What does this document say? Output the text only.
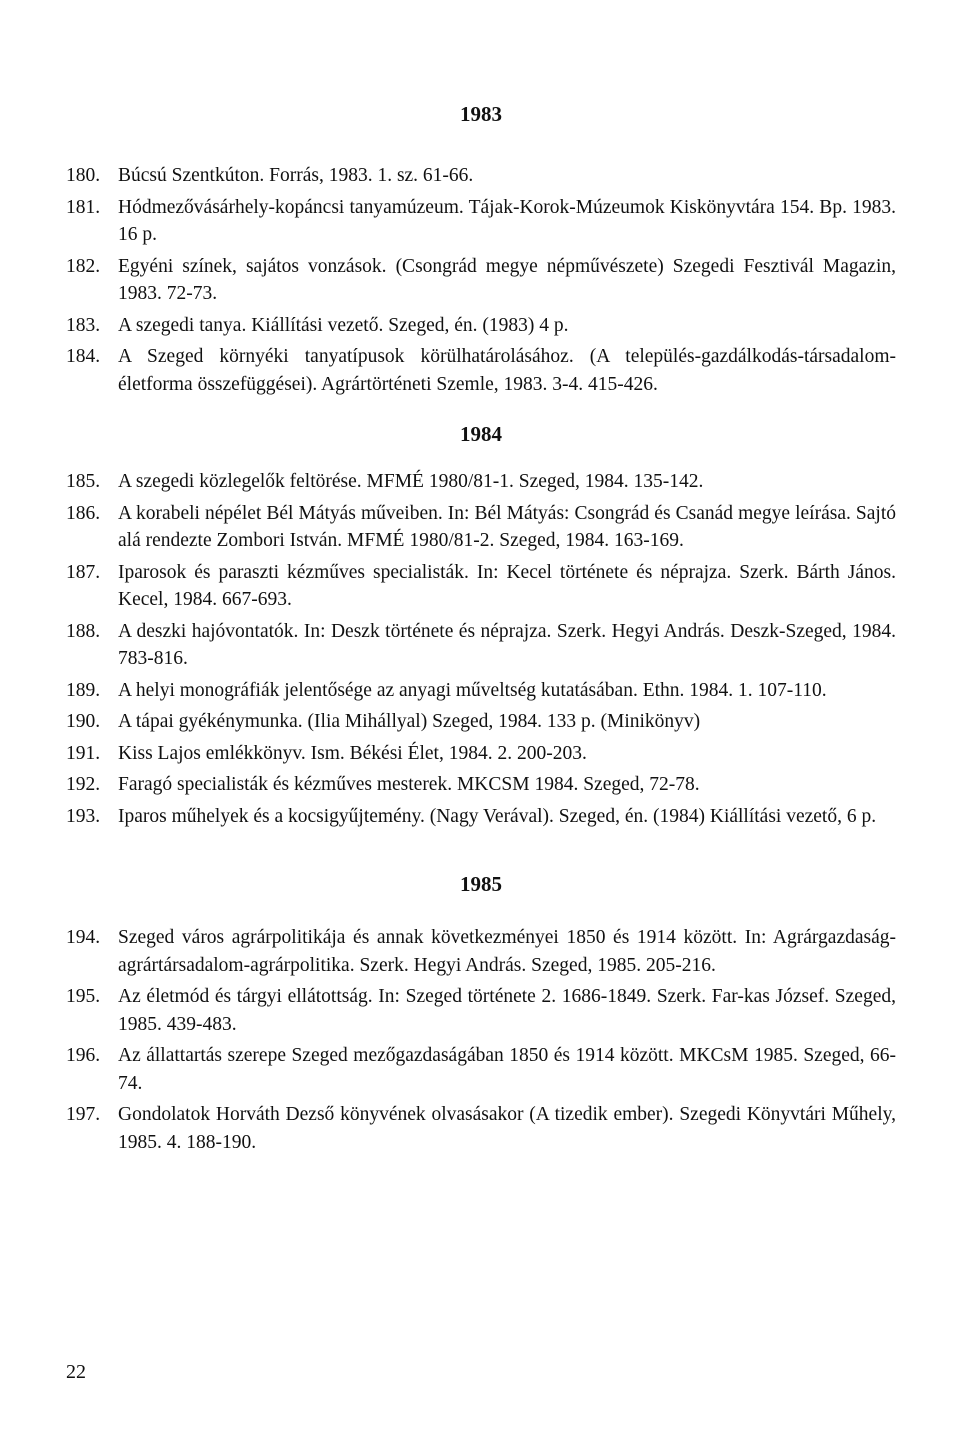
1983
180. Búcsú Szentkúton. Forrás, 1983. 1. sz. 61-66.
181. Hódmezővásárhely-kopáncsi tanyamúzeum. Tájak-Korok-Múzeumok Kiskönyvtára 154. Bp. 1983. 16 p.
182. Egyéni színek, sajátos vonzások. (Csongrád megye népművészete) Szegedi Fesztivál Magazin, 1983. 72-73.
183. A szegedi tanya. Kiállítási vezető. Szeged, én. (1983) 4 p.
184. A Szeged környéki tanyatípusok körülhatárolásához. (A település-gazdálkodás-társadalom-életforma összefüggései). Agrártörténeti Szemle, 1983. 3-4. 415-426.
1984
185. A szegedi közlegelők feltörése. MFMÉ 1980/81-1. Szeged, 1984. 135-142.
186. A korabeli népélet Bél Mátyás műveiben. In: Bél Mátyás: Csongrád és Csanád megye leírása. Sajtó alá rendezte Zombori István. MFMÉ 1980/81-2. Szeged, 1984. 163-169.
187. Iparosok és paraszti kézműves specialisták. In: Kecel története és néprajza. Szerk. Bárth János. Kecel, 1984. 667-693.
188. A deszki hajóvontatók. In: Deszk története és néprajza. Szerk. Hegyi András. Deszk-Szeged, 1984. 783-816.
189. A helyi monográfiák jelentősége az anyagi műveltség kutatásában. Ethn. 1984. 1. 107-110.
190. A tápai gyékénymunka. (Ilia Mihállyal) Szeged, 1984. 133 p. (Minikönyv)
191. Kiss Lajos emlékkönyv. Ism. Békési Élet, 1984. 2. 200-203.
192. Faragó specialisták és kézműves mesterek. MKCSM 1984. Szeged, 72-78.
193. Iparos műhelyek és a kocsigyűjtemény. (Nagy Verával). Szeged, én. (1984) Kiállítási vezető, 6 p.
1985
194. Szeged város agrárpolitikája és annak következményei 1850 és 1914 között. In: Agrárgazdaság-agrártársadalom-agrárpolitika. Szerk. Hegyi András. Szeged, 1985. 205-216.
195. Az életmód és tárgyi ellátottság. In: Szeged története 2. 1686-1849. Szerk. Far-kas József. Szeged, 1985. 439-483.
196. Az állattartás szerepe Szeged mezőgazdaságában 1850 és 1914 között. MKCsM 1985. Szeged, 66-74.
197. Gondolatok Horváth Dezső könyvének olvasásakor (A tizedik ember). Szegedi Könyvtári Műhely, 1985. 4. 188-190.
22
